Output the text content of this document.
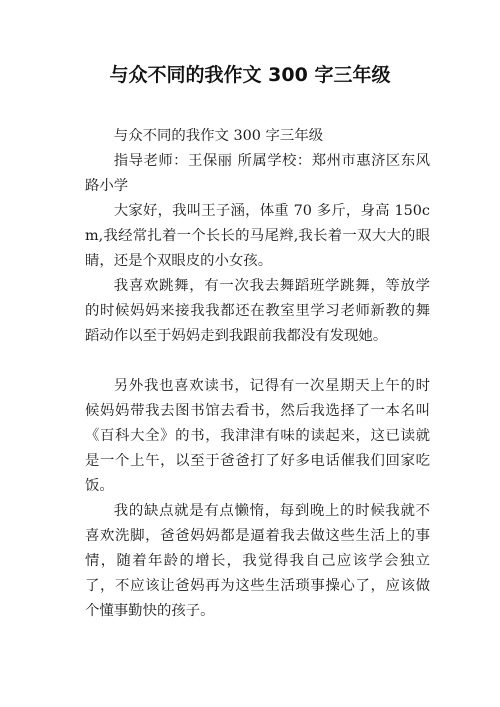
与众不同的我作文 300 字三年级

与众不同的我作文 300 字三年级

指导老师：王保丽 所属学校：郑州市惠济区东风路小学

大家好，我叫王子涵，体重 70 多斤，身高 150cm,我经常扎着一个长长的马尾辫,我长着一双大大的眼睛，还是个双眼皮的小女孩。

我喜欢跳舞，有一次我去舞蹈班学跳舞，等放学的时候妈妈来接我我都还在教室里学习老师新教的舞蹈动作以至于妈妈走到我跟前我都没有发现她。

另外我也喜欢读书，记得有一次星期天上午的时候妈妈带我去图书馆去看书，然后我选择了一本名叫《百科大全》的书，我津津有味的读起来，这已读就是一个上午，以至于爸爸打了好多电话催我们回家吃饭。

我的缺点就是有点懒惰，每到晚上的时候我就不喜欢洗脚，爸爸妈妈都是逼着我去做这些生活上的事情，随着年龄的增长，我觉得我自己应该学会独立了，不应该让爸妈再为这些生活琐事操心了，应该做个懂事勤快的孩子。
